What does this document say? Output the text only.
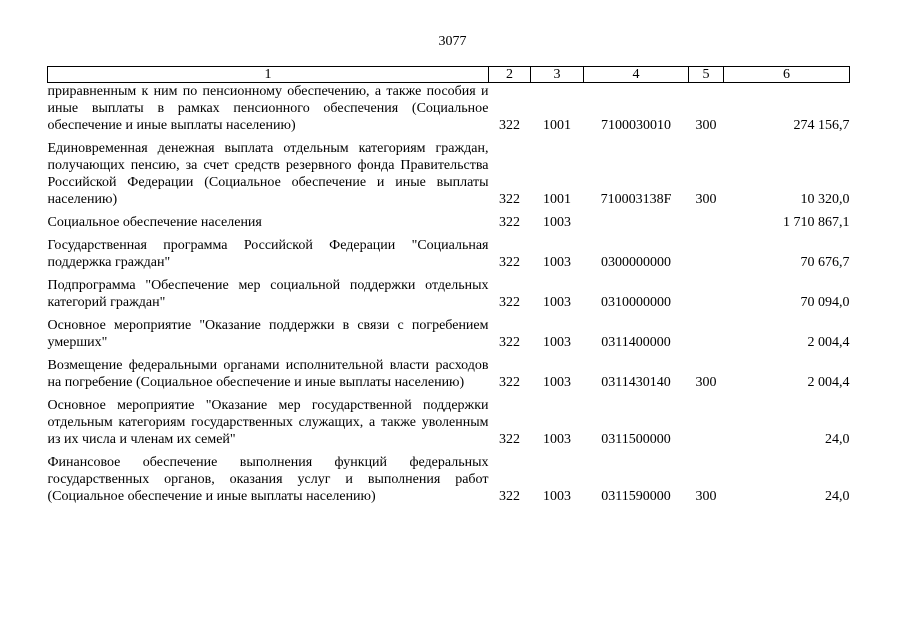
3077
1	2	3	4	5	6
приравненным к ним по пенсионному обеспечению, а также пособия и иные выплаты в рамках пенсионного обеспечения (Социальное обеспечение и иные выплаты населению)	322	1001	7100030010	300	274 156,7

Единовременная денежная выплата отдельным категориям граждан, получающих пенсию, за счет средств резервного фонда Правительства Российской Федерации (Социальное обеспечение и иные выплаты населению)	322	1001	710003138F	300	10 320,0

Социальное обеспечение населения	322	1003			1 710 867,1

Государственная программа Российской Федерации "Социальная поддержка граждан"	322	1003	0300000000		70 676,7

Подпрограмма "Обеспечение мер социальной поддержки отдельных категорий граждан"	322	1003	0310000000		70 094,0

Основное мероприятие "Оказание поддержки в связи с погребением умерших"	322	1003	0311400000		2 004,4

Возмещение федеральными органами исполнительной власти расходов на погребение (Социальное обеспечение и иные выплаты населению)	322	1003	0311430140	300	2 004,4

Основное мероприятие "Оказание мер государственной поддержки отдельным категориям государственных служащих, а также уволенным из их числа и членам их семей"	322	1003	0311500000		24,0

Финансовое обеспечение выполнения функций федеральных государственных органов, оказания услуг и выполнения работ (Социальное обеспечение и иные выплаты населению)	322	1003	0311590000	300	24,0
